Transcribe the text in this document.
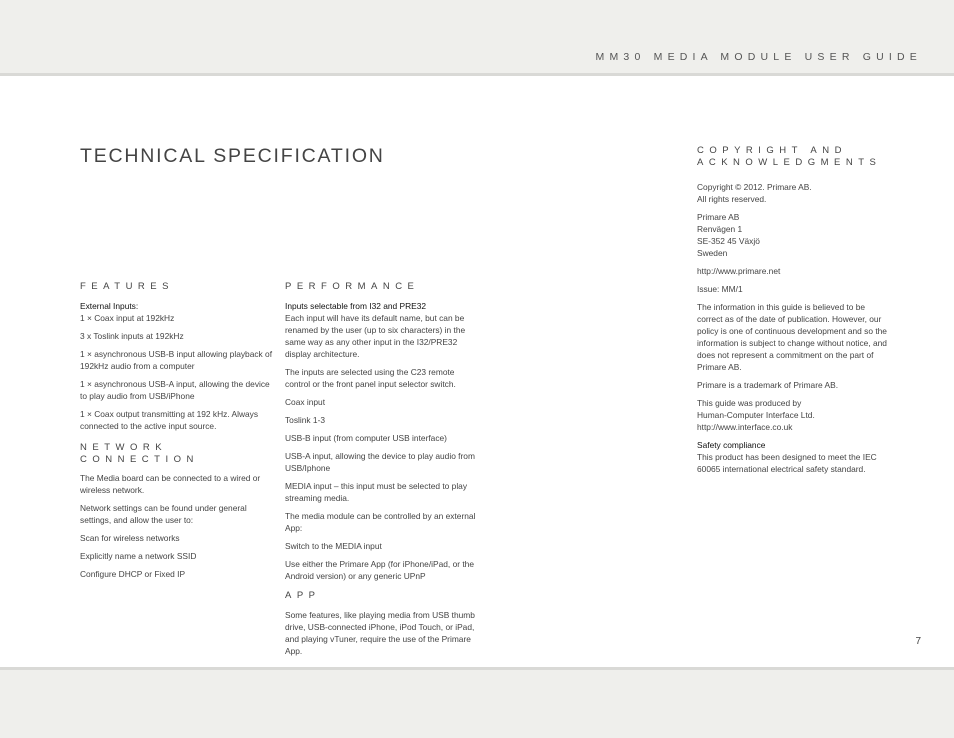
MM30 MEDIA MODULE USER GUIDE
TECHNICAL SPECIFICATION
FEATURES
External Inputs:
1 × Coax input at 192kHz
3 x Toslink inputs at 192kHz
1 × asynchronous USB-B input allowing playback of 192kHz audio from a computer
1 × asynchronous USB-A input, allowing the device to play audio from USB/iPhone
1 × Coax output transmitting at 192 kHz. Always connected to the active input source.
NETWORK
CONNECTION
The Media board can be connected to a wired or wireless network.
Network settings can be found under general settings, and allow the user to:
Scan for wireless networks
Explicitly name a network SSID
Configure DHCP or Fixed IP
PERFORMANCE
Inputs selectable from I32 and PRE32
Each input will have its default name, but can be renamed by the user (up to six characters) in the same way as any other input in the I32/PRE32 display architecture.
The inputs are selected using the C23 remote control or the front panel input selector switch.
Coax input
Toslink 1-3
USB-B input (from computer USB interface)
USB-A input, allowing the device to play audio from USB/Iphone
MEDIA input – this input must be selected to play streaming media.
The media module can be controlled by an external App:
Switch to the MEDIA input
Use either the Primare App (for iPhone/iPad, or the Android version) or any generic UPnP
APP
Some features, like playing media from USB thumb drive, USB-connected iPhone, iPod Touch, or iPad, and playing vTuner, require the use of the Primare App.
COPYRIGHT AND
ACKNOWLEDGMENTS
Copyright © 2012. Primare AB.
All rights reserved.
Primare AB
Renvägen 1
SE-352 45 Växjö
Sweden
http://www.primare.net
Issue: MM/1
The information in this guide is believed to be correct as of the date of publication. However, our policy is one of continuous development and so the information is subject to change without notice, and does not represent a commitment on the part of Primare AB.
Primare is a trademark of Primare AB.
This guide was produced by
Human-Computer Interface Ltd.
http://www.interface.co.uk
Safety compliance
This product has been designed to meet the IEC 60065 international electrical safety standard.
7
